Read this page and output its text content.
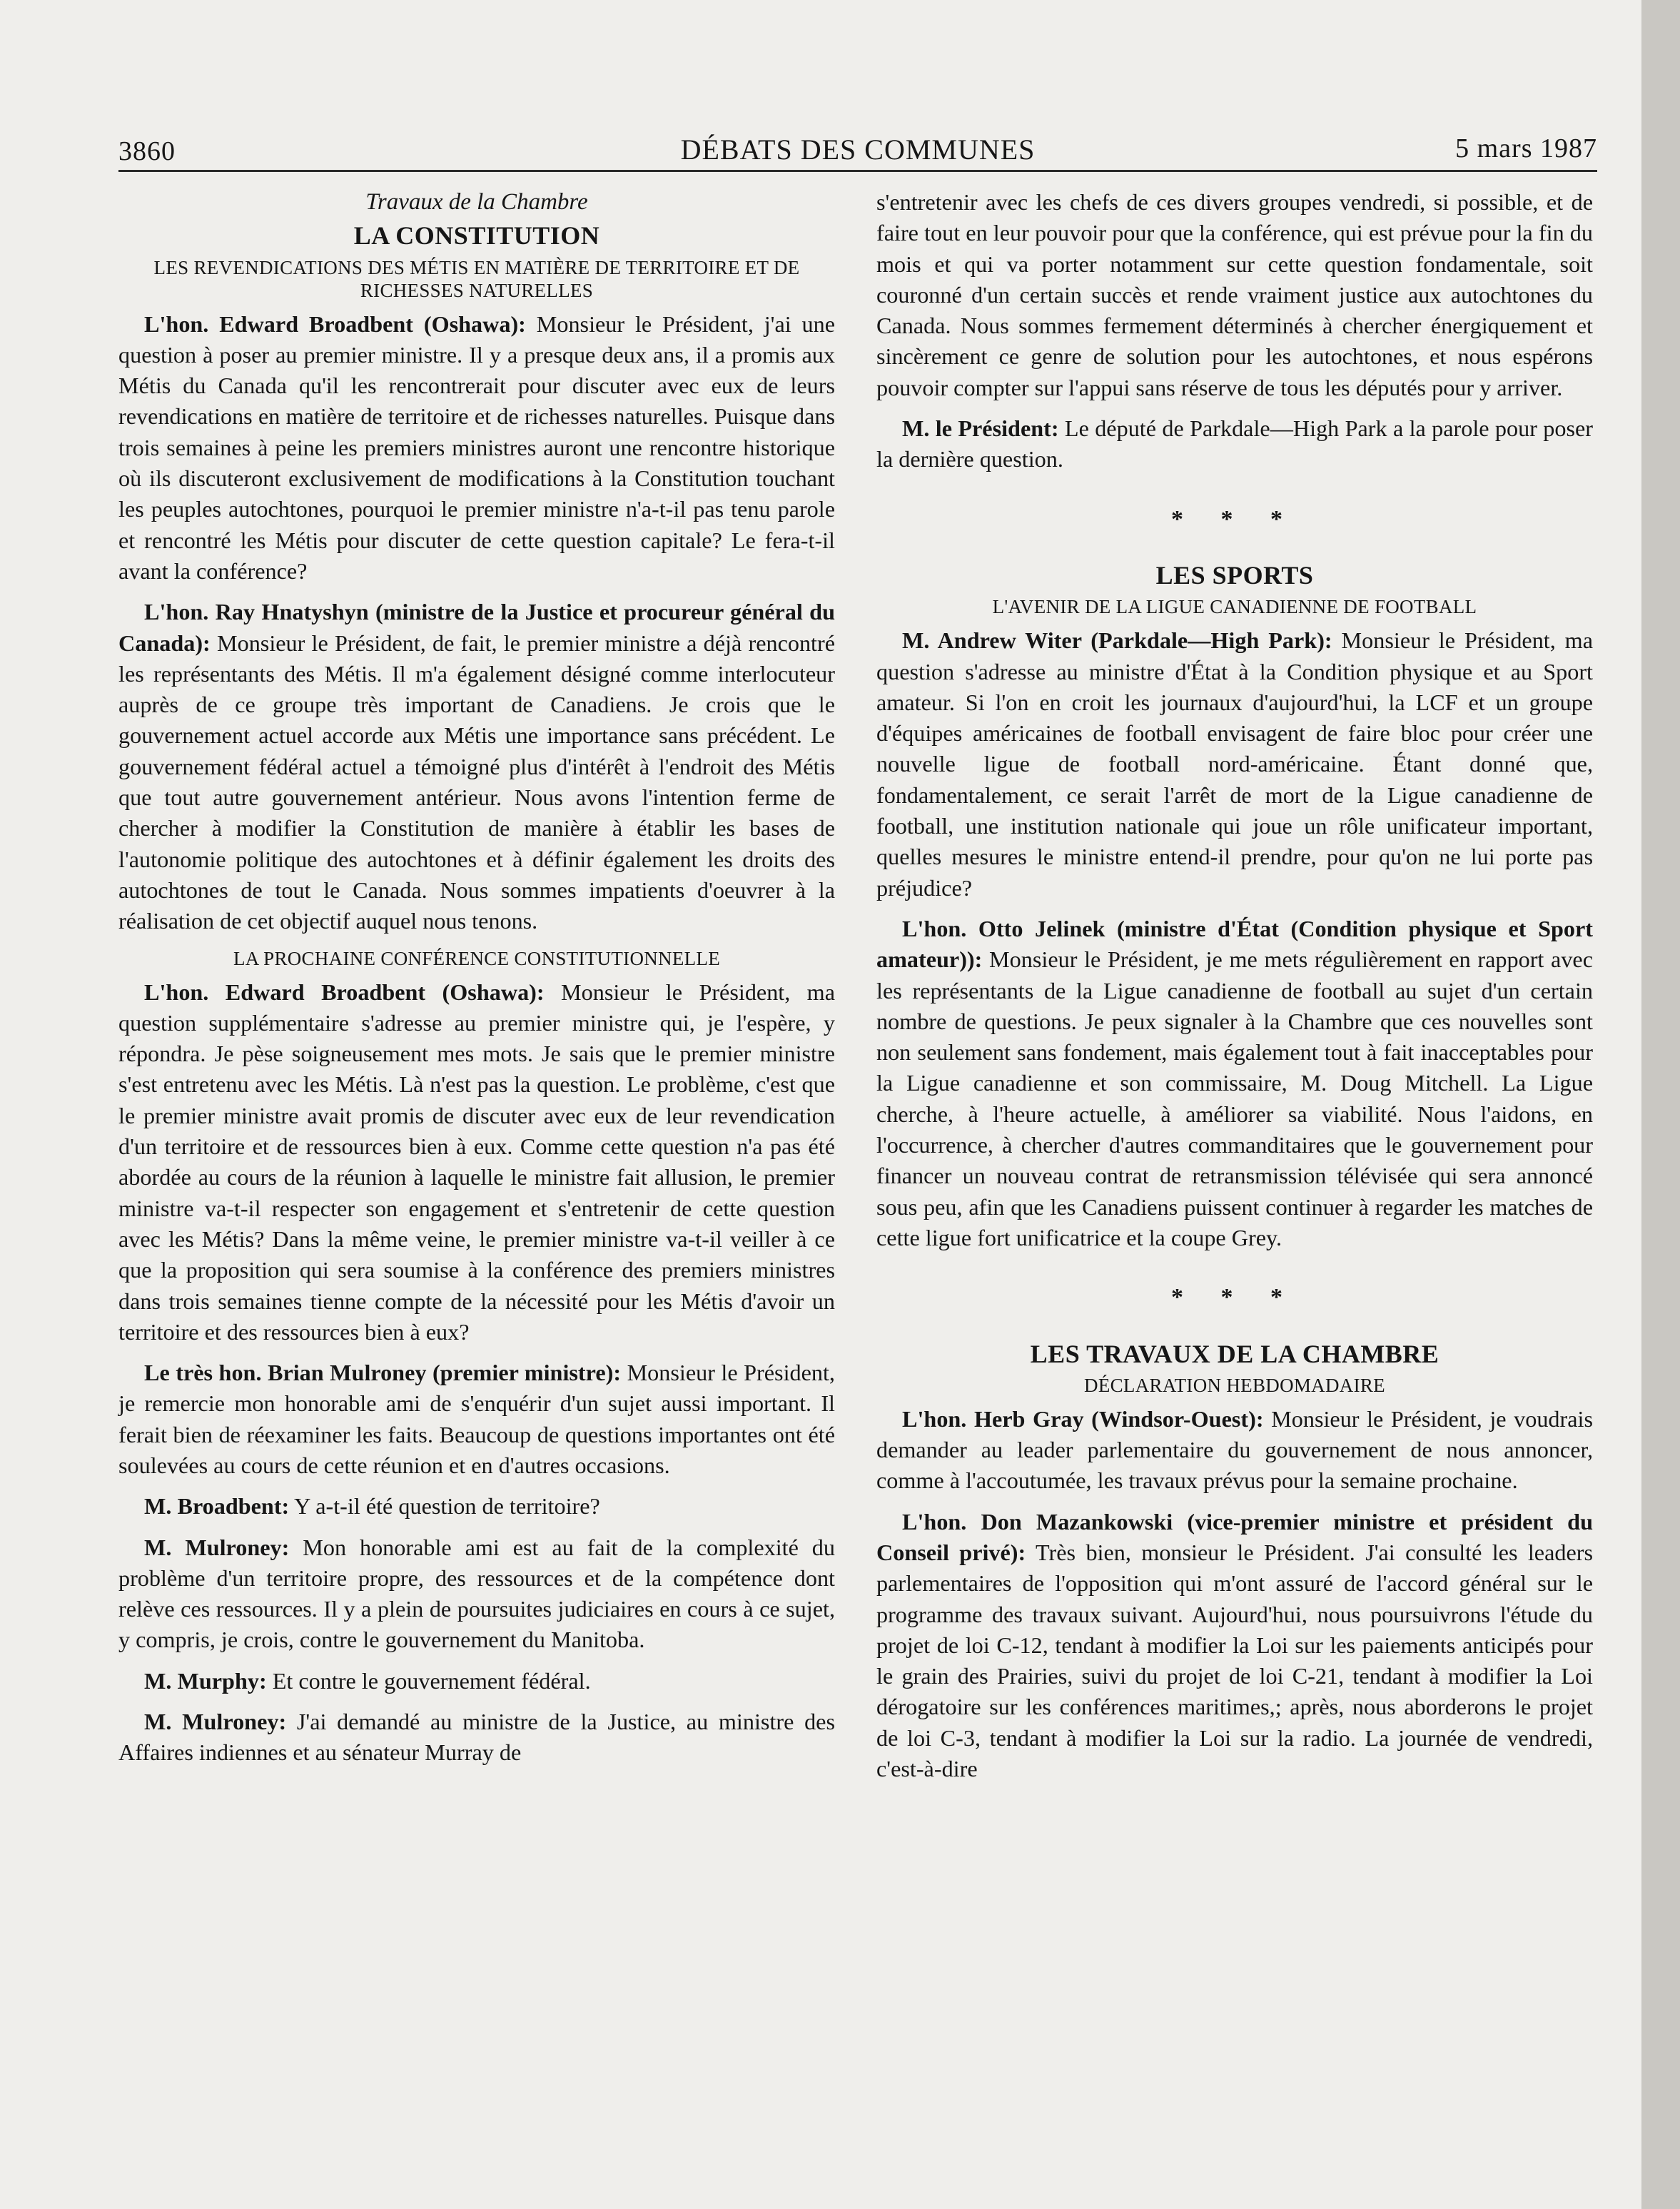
3860	DÉBATS DES COMMUNES	5 mars 1987
Travaux de la Chambre
LA CONSTITUTION
LES REVENDICATIONS DES MÉTIS EN MATIÈRE DE TERRITOIRE ET DE RICHESSES NATURELLES

L'hon. Edward Broadbent (Oshawa): Monsieur le Président, j'ai une question à poser au premier ministre. Il y a presque deux ans, il a promis aux Métis du Canada qu'il les rencontrerait pour discuter avec eux de leurs revendications en matière de territoire et de richesses naturelles. Puisque dans trois semaines à peine les premiers ministres auront une rencontre historique où ils discuteront exclusivement de modifications à la Constitution touchant les peuples autochtones, pourquoi le premier ministre n'a-t-il pas tenu parole et rencontré les Métis pour discuter de cette question capitale? Le fera-t-il avant la conférence?

L'hon. Ray Hnatyshyn (ministre de la Justice et procureur général du Canada): Monsieur le Président, de fait, le premier ministre a déjà rencontré les représentants des Métis. Il m'a également désigné comme interlocuteur auprès de ce groupe très important de Canadiens. Je crois que le gouvernement actuel accorde aux Métis une importance sans précédent. Le gouvernement fédéral actuel a témoigné plus d'intérêt à l'endroit des Métis que tout autre gouvernement antérieur. Nous avons l'intention ferme de chercher à modifier la Constitution de manière à établir les bases de l'autonomie politique des autochtones et à définir également les droits des autochtones de tout le Canada. Nous sommes impatients d'oeuvrer à la réalisation de cet objectif auquel nous tenons.

LA PROCHAINE CONFÉRENCE CONSTITUTIONNELLE

L'hon. Edward Broadbent (Oshawa): Monsieur le Président, ma question supplémentaire s'adresse au premier ministre qui, je l'espère, y répondra. Je pèse soigneusement mes mots. Je sais que le premier ministre s'est entretenu avec les Métis. Là n'est pas la question. Le problème, c'est que le premier ministre avait promis de discuter avec eux de leur revendication d'un territoire et de ressources bien à eux. Comme cette question n'a pas été abordée au cours de la réunion à laquelle le ministre fait allusion, le premier ministre va-t-il respecter son engagement et s'entretenir de cette question avec les Métis? Dans la même veine, le premier ministre va-t-il veiller à ce que la proposition qui sera soumise à la conférence des premiers ministres dans trois semaines tienne compte de la nécessité pour les Métis d'avoir un territoire et des ressources bien à eux?

Le très hon. Brian Mulroney (premier ministre): Monsieur le Président, je remercie mon honorable ami de s'enquérir d'un sujet aussi important. Il ferait bien de réexaminer les faits. Beaucoup de questions importantes ont été soulevées au cours de cette réunion et en d'autres occasions.

M. Broadbent: Y a-t-il été question de territoire?

M. Mulroney: Mon honorable ami est au fait de la complexité du problème d'un territoire propre, des ressources et de la compétence dont relève ces ressources. Il y a plein de poursuites judiciaires en cours à ce sujet, y compris, je crois, contre le gouvernement du Manitoba.

M. Murphy: Et contre le gouvernement fédéral.

M. Mulroney: J'ai demandé au ministre de la Justice, au ministre des Affaires indiennes et au sénateur Murray de

s'entretenir avec les chefs de ces divers groupes vendredi, si possible, et de faire tout en leur pouvoir pour que la conférence, qui est prévue pour la fin du mois et qui va porter notamment sur cette question fondamentale, soit couronné d'un certain succès et rende vraiment justice aux autochtones du Canada. Nous sommes fermement déterminés à chercher énergiquement et sincèrement ce genre de solution pour les autochtones, et nous espérons pouvoir compter sur l'appui sans réserve de tous les députés pour y arriver.

M. le Président: Le député de Parkdale—High Park a la parole pour poser la dernière question.

* * *
LES SPORTS
L'AVENIR DE LA LIGUE CANADIENNE DE FOOTBALL

M. Andrew Witer (Parkdale—High Park): Monsieur le Président, ma question s'adresse au ministre d'État à la Condition physique et au Sport amateur. Si l'on en croit les journaux d'aujourd'hui, la LCF et un groupe d'équipes américaines de football envisagent de faire bloc pour créer une nouvelle ligue de football nord-américaine. Étant donné que, fondamentalement, ce serait l'arrêt de mort de la Ligue canadienne de football, une institution nationale qui joue un rôle unificateur important, quelles mesures le ministre entend-il prendre, pour qu'on ne lui porte pas préjudice?

L'hon. Otto Jelinek (ministre d'État (Condition physique et Sport amateur)): Monsieur le Président, je me mets régulièrement en rapport avec les représentants de la Ligue canadienne de football au sujet d'un certain nombre de questions. Je peux signaler à la Chambre que ces nouvelles sont non seulement sans fondement, mais également tout à fait inacceptables pour la Ligue canadienne et son commissaire, M. Doug Mitchell. La Ligue cherche, à l'heure actuelle, à améliorer sa viabilité. Nous l'aidons, en l'occurrence, à chercher d'autres commanditaires que le gouvernement pour financer un nouveau contrat de retransmission télévisée qui sera annoncé sous peu, afin que les Canadiens puissent continuer à regarder les matches de cette ligue fort unificatrice et la coupe Grey.

* * *
LES TRAVAUX DE LA CHAMBRE
DÉCLARATION HEBDOMADAIRE

L'hon. Herb Gray (Windsor-Ouest): Monsieur le Président, je voudrais demander au leader parlementaire du gouvernement de nous annoncer, comme à l'accoutumée, les travaux prévus pour la semaine prochaine.

L'hon. Don Mazankowski (vice-premier ministre et président du Conseil privé): Très bien, monsieur le Président. J'ai consulté les leaders parlementaires de l'opposition qui m'ont assuré de l'accord général sur le programme des travaux suivant. Aujourd'hui, nous poursuivrons l'étude du projet de loi C-12, tendant à modifier la Loi sur les paiements anticipés pour le grain des Prairies, suivi du projet de loi C-21, tendant à modifier la Loi dérogatoire sur les conférences maritimes,; après, nous aborderons le projet de loi C-3, tendant à modifier la Loi sur la radio. La journée de vendredi, c'est-à-dire
